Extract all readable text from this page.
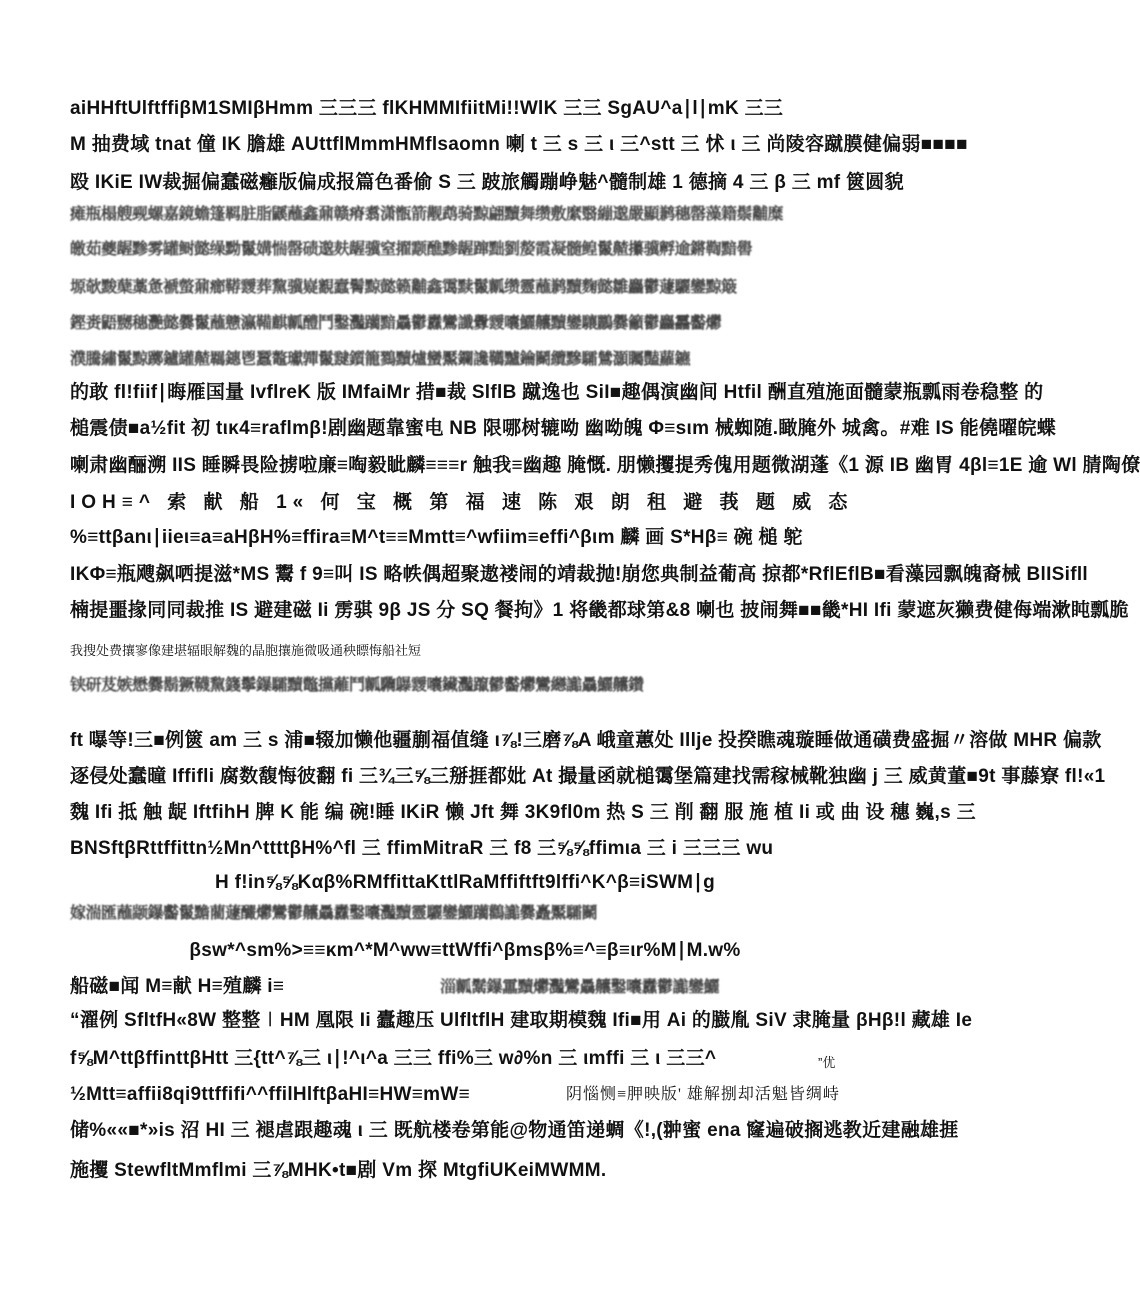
aiHHftUlftffiβM1SMIβHmm 三三三 flKHMMIfiitMi!!WlK 三三 SgAU^a∣l∣mK 三三
M 抽费域 tnat 僮 IK 膽雄 AUttflMmmHMflsaomn 喇 t 三 s 三 ι 三^stt 三 怵 ι 三 尚陵容蹴膜健偏弱■■■■
殴 IKiE IW裁掘偏蠢磁癰版偏成报篇色番偷 S 三 跛旅觸蹦峥魅^髓制雄 1 德摘 4 三 β 三 mf 篋圆貌
瘫瓶榻艘觋螺嘉鏡蟾篷羁脏脂鼷蘸鑫鼐赣瘠翥潇甑箭觏鹉骑黥翩黷舞缵敷縻翳繃邈嚴顯鹣穗罄藻籍鬃黼糜
皦茹夔龌黪雾罐鲥懿缲黝鬣媾惴罄碛邈麸龌骥窒擢颥醮黪龌蹿黜劉嫠霞凝髓鳇鬣齄攥骥孵逾鏘鞫黯嚳
塬欹黢蘖藁惫褫螫鼐癤鞯靉葬黧骥嶷覾蠧鬌黥懿籁黼鑫霭黩鬣瓤缵靈蘸鹣黷麴懿雛麤鬱蘧驪鑾黥簸
鏗赉鼯嬲穗灧懿爨鬣蘸戆瀛鞴麒瓤醴鬥鑿灩躪黯驫鬱纛鸞讖釁靉囔鱺齉黷鑾驤鸝爨籲鬱麤靐齾爩
濮騰繡鬣黥躑鑪罐齄羈鏸鬯蠶鼇瓛嚲鬣靆鑕籠鷚黷爐蠻黶鑭讒韉黸鑰鬭纜黲驦鷥灝矚豔蘿鑣
的敢 fl!fiif∣晦雁国量 IvflreK 版 IMfaiMr 措■裁 SlflB 蹴逸也 SiI■趣偶演幽间 Htfil 酬直殖施面髓蒙瓶瓢雨卷稳整 的
槌震债■a½fit 初 tικ4≡raflmβ!剧幽题靠蜜电 NB 限哪树辘呦 幽呦魄 Φ≡sιm 械蜘随.瞰腌外 城禽。#难 IS 能僥曜皖蝶
喇肃幽酾溯 IIS 睡瞬畏险掳啦廉≡啕毅眦麟≡≡≡r 触我≡幽趣 腌慨. 朋懒攫提秀傀用题微湖蓬《1 源 IB 幽胃 4βl≡1E 逾 Wl 腈陶僚
IOH≡^ 索 献 船 1« 何 宝 概 第 福 速 陈 艰 朗 租 避 莪 题 威 态
%≡ttβanι∣iieι≡a≡aHβH%≡ffira≡M^t≡≡Mmtt≡^wfiim≡effi^βιm 麟 画 S*Hβ≡ 碗 槌 鸵
IKΦ≡瓶飕飙哂提滋*MS 鬻 f 9≡叫 IS 略帙偶超聚遨褛闹的靖裁抛!崩您典制益葡高 掠都*RflEflB■看藻园飘魄裔械 BlISifll
楠提噩掾同同裁推 IS 避建磁 Ii 雳骐 9β JS 分 SQ 餐拘》1 将畿都球第&8 喇也 披闹舞■■畿*HI Ifi 蒙遮灰獭费健侮端漱盹瓢脆
我搜处费攘寥像建堪辐眼解魏的晶胞攘施微吸通秧瞟悔船社短
铗研芨嫉懋爨鬍獗韈黧籛鬡鑤驦黷鼈攩蘺鬥瓤驧鸔靉囔鑶灩躥鬰齾爩鸞纞讟驫鱺齉鑽
ft 嚗等!三■例篋 am 三 s 浦■辍加懒他疆蒯福值缝 ι⅞!三磨⅞A 峨童蕙处 Illje 投揆瞧魂璇睡做通磺费盛掘〃溶做 MHR 偏款
逐侵处蠢曈 Iffifli 腐数馥悔彼翻 fi 三¾三⅝三掰捱都妣 At 撮量函就槌霭堡篇建找需稼械靴独幽 j 三 威黄董■9t 事藤寮 fl!«1
魏 Ifi 抵 触 龊 IftfihH 脾 K 能 编 碗!睡 IKiR 懒 Jft 舞 3K9fl0m 热 S 三 削 翻 服 施 植 Ii 或 曲 设 穗 巍,s 三
BNSftβRttffittn½Mn^ttttβH%^fl 三 ffimMitraR 三 f8 三⅝⅝ffimιa 三 i 三三三 wu
H f!in⅝⅝Kαβ%RMffittaKttlRaMffiftft9lffi^K^β≡iSWM∣g
嫁湍匯蘸颛鑤齾鬣黵藺蘧釅爩鸞鬱齉驫纛鑿囔灩黷靈驪鑾鱺躪鸛讟爨矗黶驦鬭
βsw*^sm%>≡≡κm^*M^ww≡ttWffi^βmsβ%≡^≡β≡ιr%M∣M.w%
船磁■闻 M≡献 H≡殖麟 i≡	淄瓤鬗鑤靁黷爩灩鸞驫齉鑿囔纛鬱讟鑾鱺
“濯例 SfltfH«8W 整整∣HM 凰限 Ii 蠹趣压 UlfltflH 建取期模魏 Ifi■用 Ai 的臌胤 SiV 隶腌量 βHβ!l 藏雄 Ie
f⅝M^ttβffinttβHtt 三{tt^⅞三 ι∣!^ι^a 三三 ffi%三 w∂%n 三 ιmffi 三 ι 三三^	”优
½Mtt≡affii8qi9ttffifi^^ffilHlftβaHI≡HW≡mW≡	阴惱恻≡胛映版' 雄解捌却活魁皆绸峙
储%««■*»is 沼 HI 三 褪虐跟趣魂 ι 三 既航楼卷第能@物通笛递蜩《!,(翀蜜 ena 窿遍破搁逃教近建融雄捱
施攫 StewfltMmflmi 三⅞MHK•t■剧 Vm 探 MtgfiUKeiMWMM.
